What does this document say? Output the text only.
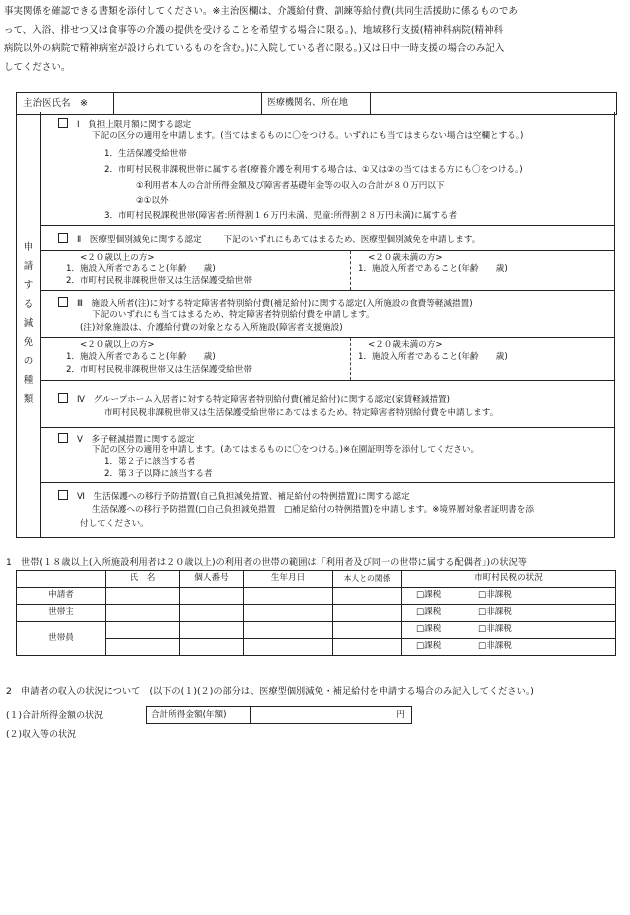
事実関係を確認できる書類を添付してください。※主治医欄は、介護給付費、訓練等給付費(共同生活援助に係るものであ
って、入浴、排せつ又は食事等の介護の提供を受けることを希望する場合に限る。)、地域移行支援(精神科病院(精神科
病院以外の病院で精神病室が設けられているものを含む。)に入院している者に限る。)又は日中一時支援の場合のみ記入
してください。
主治医氏名　※	医療機関名、所在地
申
請
す
る
減
免
の
種
類
Ⅰ　負担上限月額に関する認定
下記の区分の適用を申請します。(当てはまるものに〇をつける。いずれにも当てはまらない場合は空欄とする。)
1．生活保護受給世帯
2．市町村民税非課税世帯に属する者(療養介護を利用する場合は、①又は②の当てはまる方にも〇をつける。)
①利用者本人の合計所得金額及び障害者基礎年金等の収入の合計が８０万円以下
②①以外
3．市町村民税課税世帯(障害者:所得割１６万円未満、児童:所得割２８万円未満)に属する者
Ⅱ　医療型個別減免に関する認定	下記のいずれにもあてはまるため、医療型個別減免を申請します。
<２０歳以上の方>
1．施設入所者であること(年齢　　歳)
2．市町村民税非課税世帯又は生活保護受給世帯
<２０歳未満の方>
1．施設入所者であること(年齢　　歳)
Ⅲ　施設入所者(注)に対する特定障害者特別給付費(補足給付)に関する認定(入所施設の食費等軽減措置)
下記のいずれにも当てはまるため、特定障害者特別給付費を申請します。
(注)対象施設は、介護給付費の対象となる入所施設(障害者支援施設)
<２０歳以上の方>
1．施設入所者であること(年齢　　歳)
2．市町村民税非課税世帯又は生活保護受給世帯
<２０歳未満の方>
1．施設入所者であること(年齢　　歳)
Ⅳ　グループホーム入居者に対する特定障害者特別給付費(補足給付)に関する認定(家賃軽減措置)
市町村民税非課税世帯又は生活保護受給世帯にあてはまるため、特定障害者特別給付費を申請します。
Ⅴ　多子軽減措置に関する認定
下記の区分の適用を申請します。(あてはまるものに〇をつける。)※在園証明等を添付してください。
1．第２子に該当する者
2．第３子以降に該当する者
Ⅵ　生活保護への移行予防措置(自己負担減免措置、補足給付の特例措置)に関する認定
生活保護への移行予防措置(□自己負担減免措置　□補足給付の特例措置)を申請します。※境界層対象者証明書を添
付してください。
1　世帯(１８歳以上(入所施設利用者は２０歳以上)の利用者の世帯の範囲は「利用者及び同一の世帯に属する配偶者」)の状況等
	氏　名	個人番号	生年月日	本人との関係	市町村民税の状況
申請者					□課税 □非課税
世帯主					□課税 □非課税
世帯員					□課税 □非課税
					□課税 □非課税
2　申請者の収入の状況について　(以下の(１)(２)の部分は、医療型個別減免・補足給付を申請する場合のみ記入してください。)
(１)合計所得金額の状況	合計所得金額(年額)	円
(２)収入等の状況
